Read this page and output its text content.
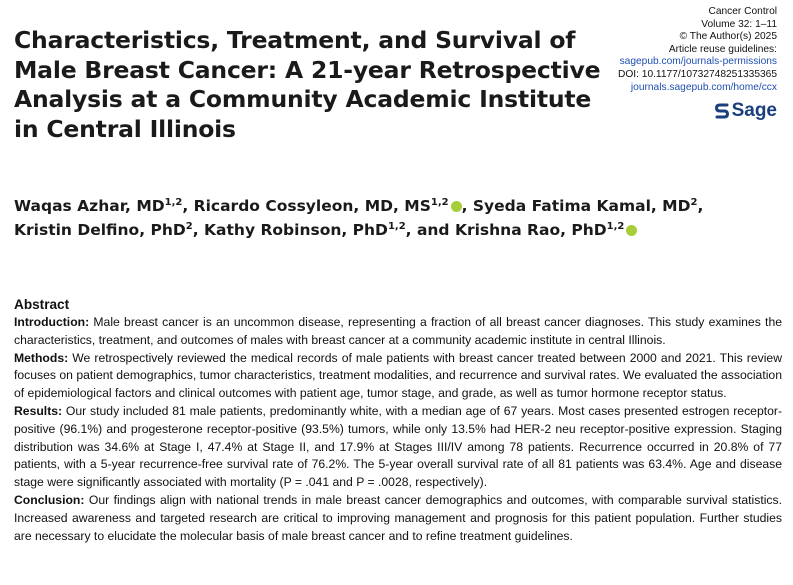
Cancer Control
Volume 32: 1–11
© The Author(s) 2025
Article reuse guidelines:
sagepub.com/journals-permissions
DOI: 10.1177/10732748251335365
journals.sagepub.com/home/ccx
Sage
Characteristics, Treatment, and Survival of Male Breast Cancer: A 21-year Retrospective Analysis at a Community Academic Institute in Central Illinois
Waqas Azhar, MD$^{1,2}$, Ricardo Cossyleon, MD, MS$^{1,2}$ , Syeda Fatima Kamal, $MD^2$,
Kristin Delfino, PhD$^2$, Kathy Robinson, PhD$^{1,2}$, and Krishna Rao, PhD$^{1,2}$
Abstract

Introduction: Male breast cancer is an uncommon disease, representing a fraction of all breast cancer diagnoses. This study examines the characteristics, treatment, and outcomes of males with breast cancer at a community academic institute in central Illinois.

Methods: We retrospectively reviewed the medical records of male patients with breast cancer treated between 2000 and 2021. This review focuses on patient demographics, tumor characteristics, treatment modalities, and recurrence and survival rates. We evaluated the association of epidemiological factors and clinical outcomes with patient age, tumor stage, and grade, as well as tumor hormone receptor status.

Results: Our study included 81 male patients, predominantly white, with a median age of 67 years. Most cases presented estrogen receptor-positive (96.1%) and progesterone receptor-positive (93.5%) tumors, while only 13.5% had HER-2 neu receptor-positive expression. Staging distribution was 34.6% at Stage I, 47.4% at Stage II, and 17.9% at Stages III/IV among 78 patients. Recurrence occurred in 20.8% of 77 patients, with a 5-year recurrence-free survival rate of 76.2%. The 5-year overall survival rate of all 81 patients was 63.4%. Age and disease stage were significantly associated with mortality (P = .041 and P = .0028, respectively).

Conclusion: Our findings align with national trends in male breast cancer demographics and outcomes, with comparable survival statistics. Increased awareness and targeted research are critical to improving management and prognosis for this patient population. Further studies are necessary to elucidate the molecular basis of male breast cancer and to refine treatment guidelines.
